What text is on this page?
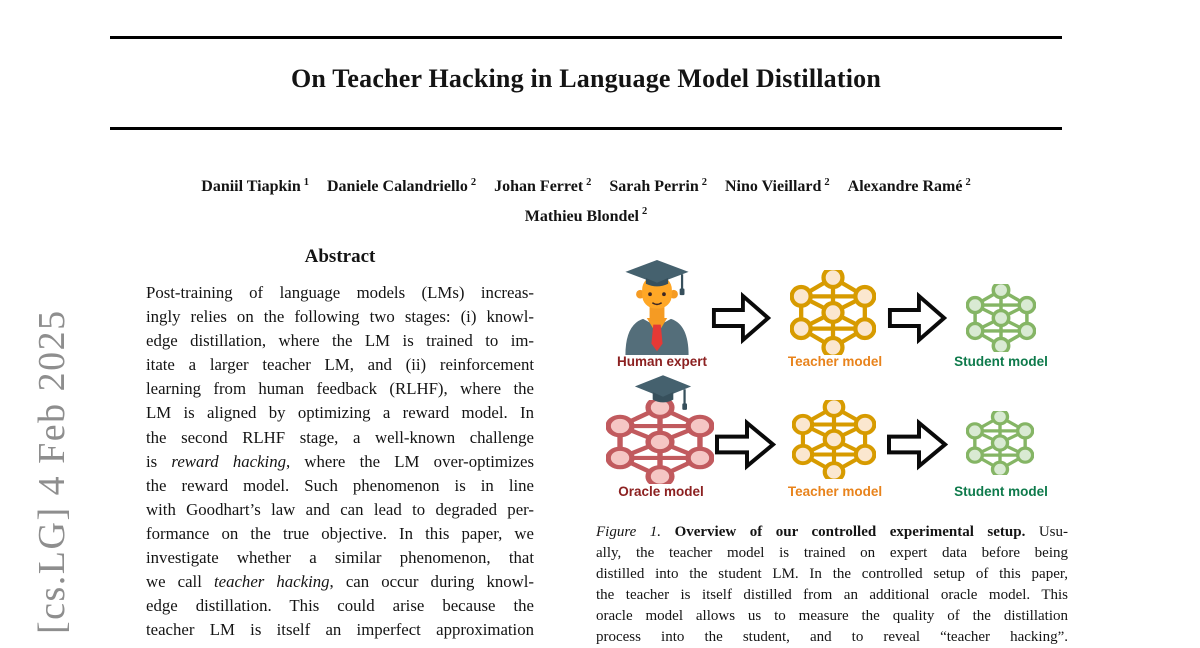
[cs.LG] 4 Feb 2025
On Teacher Hacking in Language Model Distillation
Daniil Tiapkin $^1$ Daniele Calandriello $^2$ Johan Ferret $^2$ Sarah Perrin $^2$ Nino Vieillard $^2$ Alexandre Ramé $^2$
Mathieu Blondel $^2$
Abstract
Post-training of language models (LMs) increas-
ingly relies on the following two stages: (i) knowl-
edge distillation, where the LM is trained to im-
itate a larger teacher LM, and (ii) reinforcement
learning from human feedback (RLHF), where the
LM is aligned by optimizing a reward model. In
the second RLHF stage, a well-known challenge
is reward hacking, where the LM over-optimizes
the reward model. Such phenomenon is in line
with Goodhart’s law and can lead to degraded per-
formance on the true objective. In this paper, we
investigate whether a similar phenomenon, that
we call teacher hacking, can occur during knowl-
edge distillation. This could arise because the
teacher LM is itself an imperfect approximation
Human expert	Teacher model	Student model
Oracle model	Teacher model	Student model
Figure 1. Overview of our controlled experimental setup. Usu-
ally, the teacher model is trained on expert data before being
distilled into the student LM. In the controlled setup of this paper,
the teacher is itself distilled from an additional oracle model. This
oracle model allows us to measure the quality of the distillation
process into the student, and to reveal “teacher hacking”.
